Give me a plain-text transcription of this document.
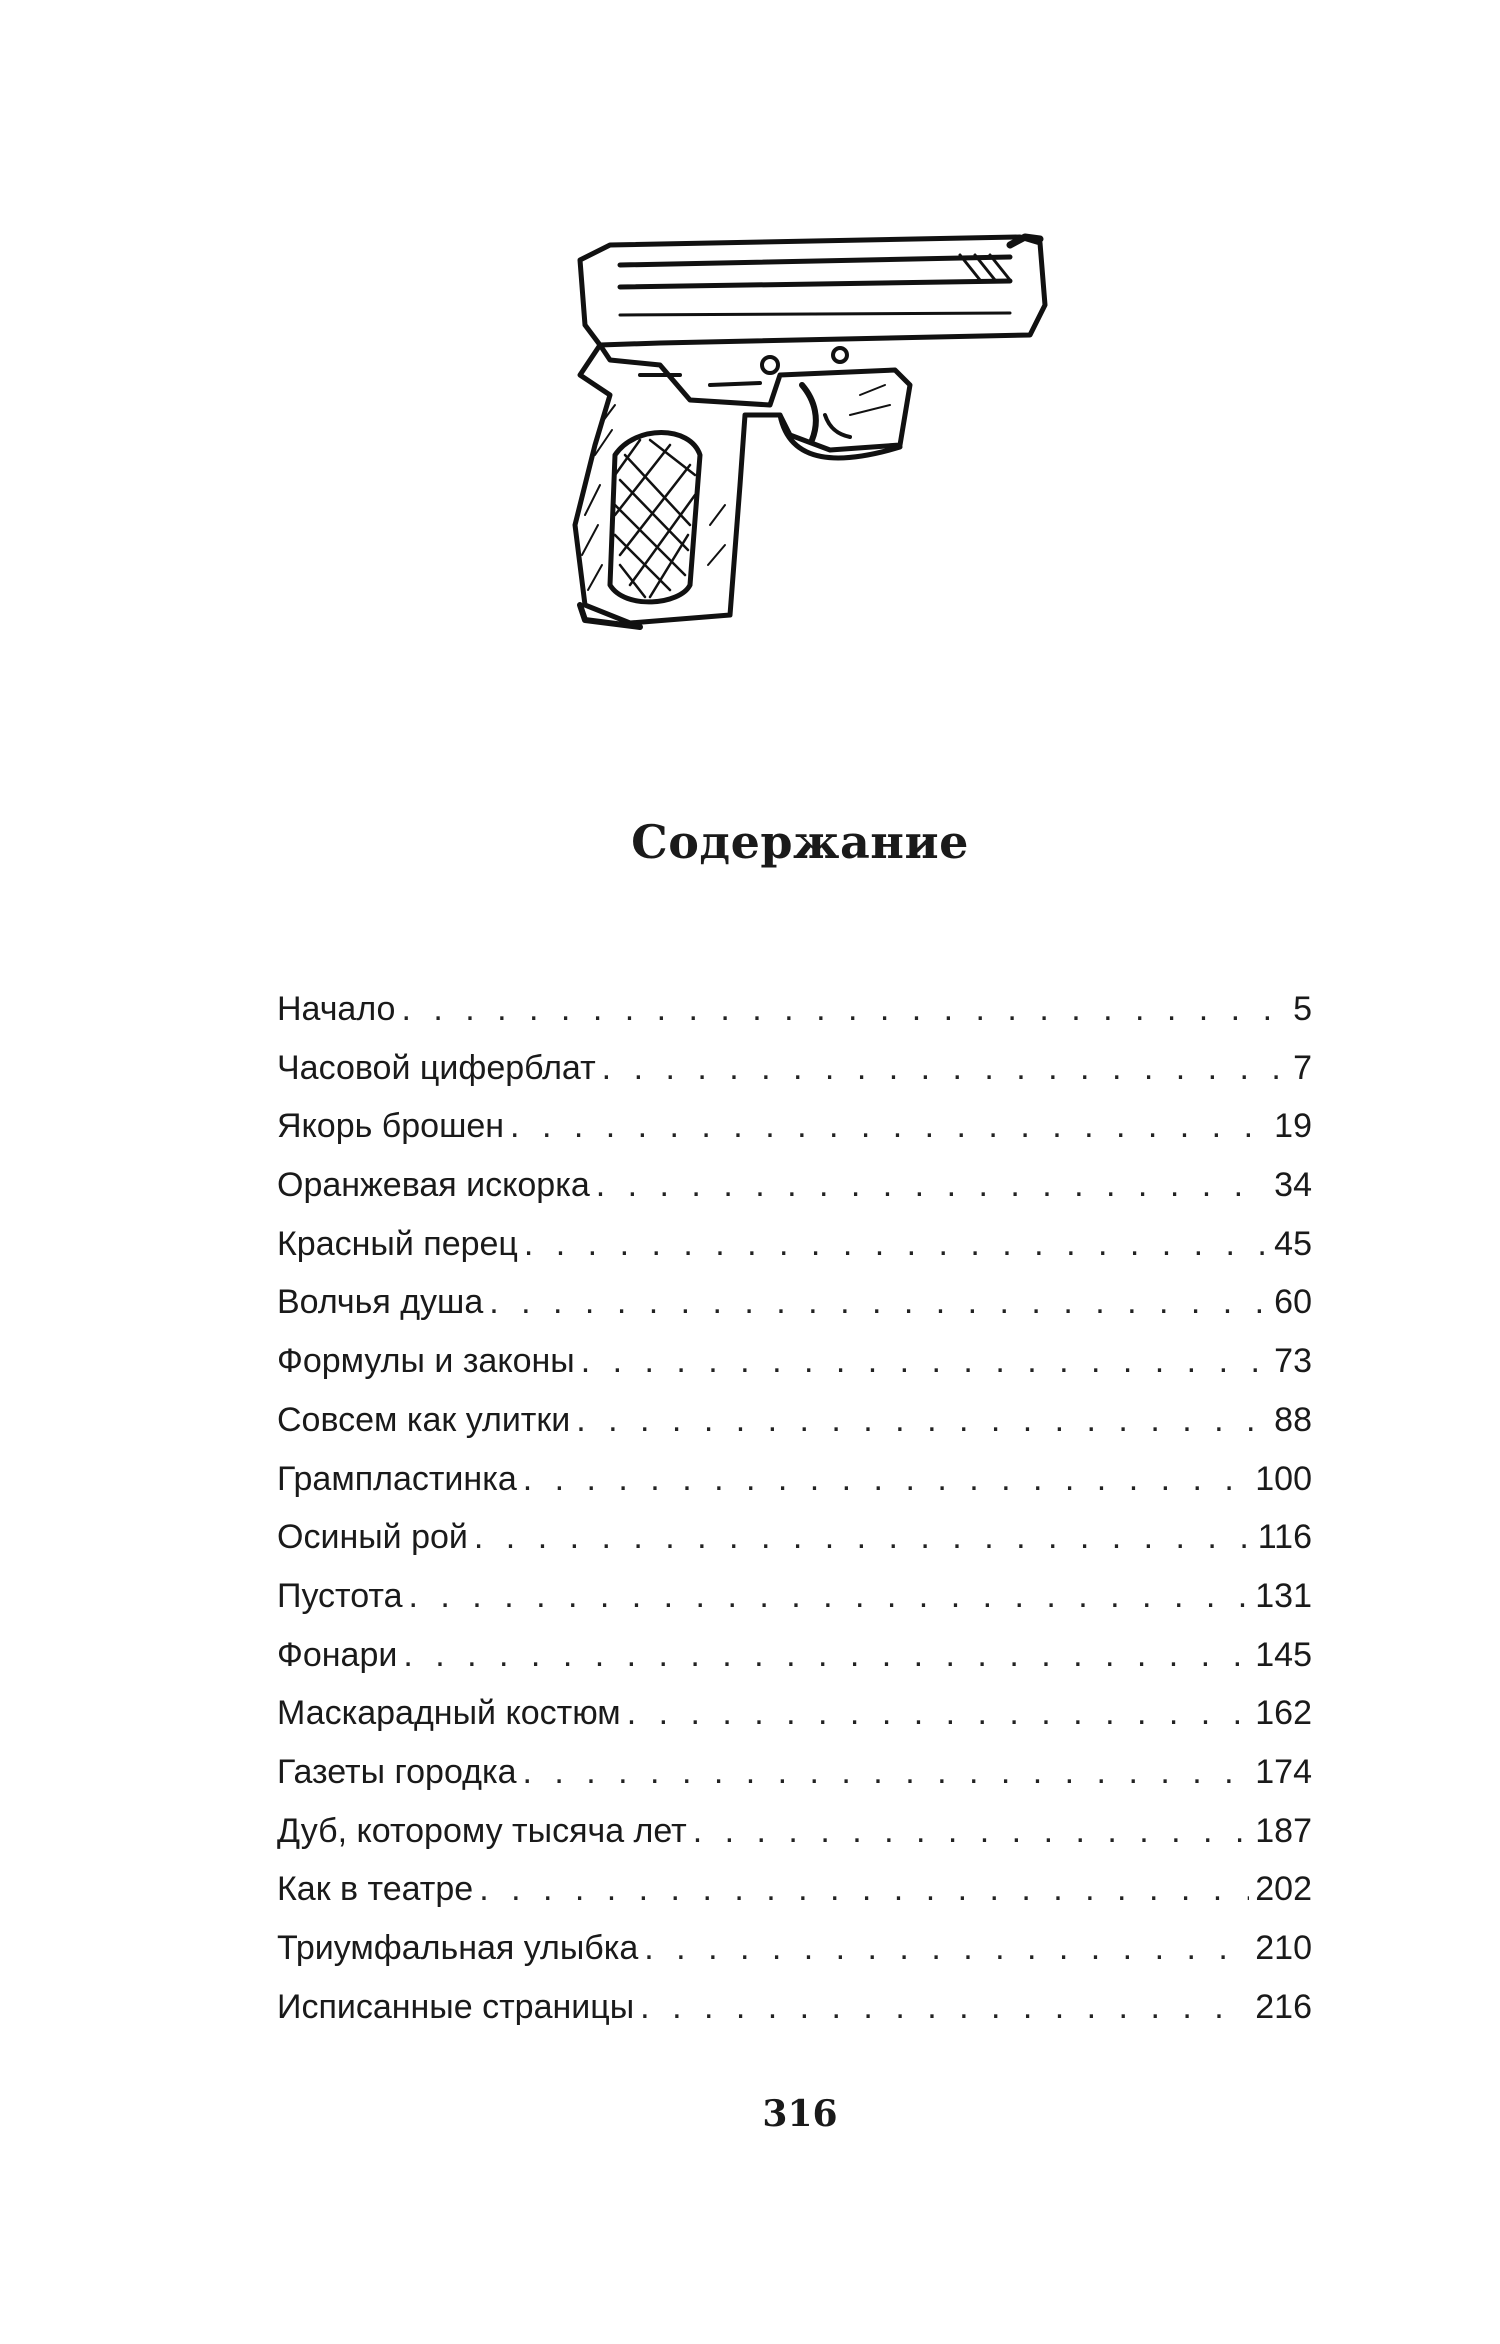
Содержание
Начало . . .	5
Часовой циферблат . . .	7
Якорь брошен . . .	19
Оранжевая искорка . . .	34
Красный перец . . .	45
Волчья душа . . .	60
Формулы и законы . . .	73
Совсем как улитки . . .	88
Грампластинка . . .	100
Осиный рой . . .	116
Пустота . . .	131
Фонари . . .	145
Маскарадный костюм . . .	162
Газеты городка . . .	174
Дуб, которому тысяча лет . . .	187
Как в театре . . .	202
Триумфальная улыбка . . .	210
Исписанные страницы . . .	216
316
